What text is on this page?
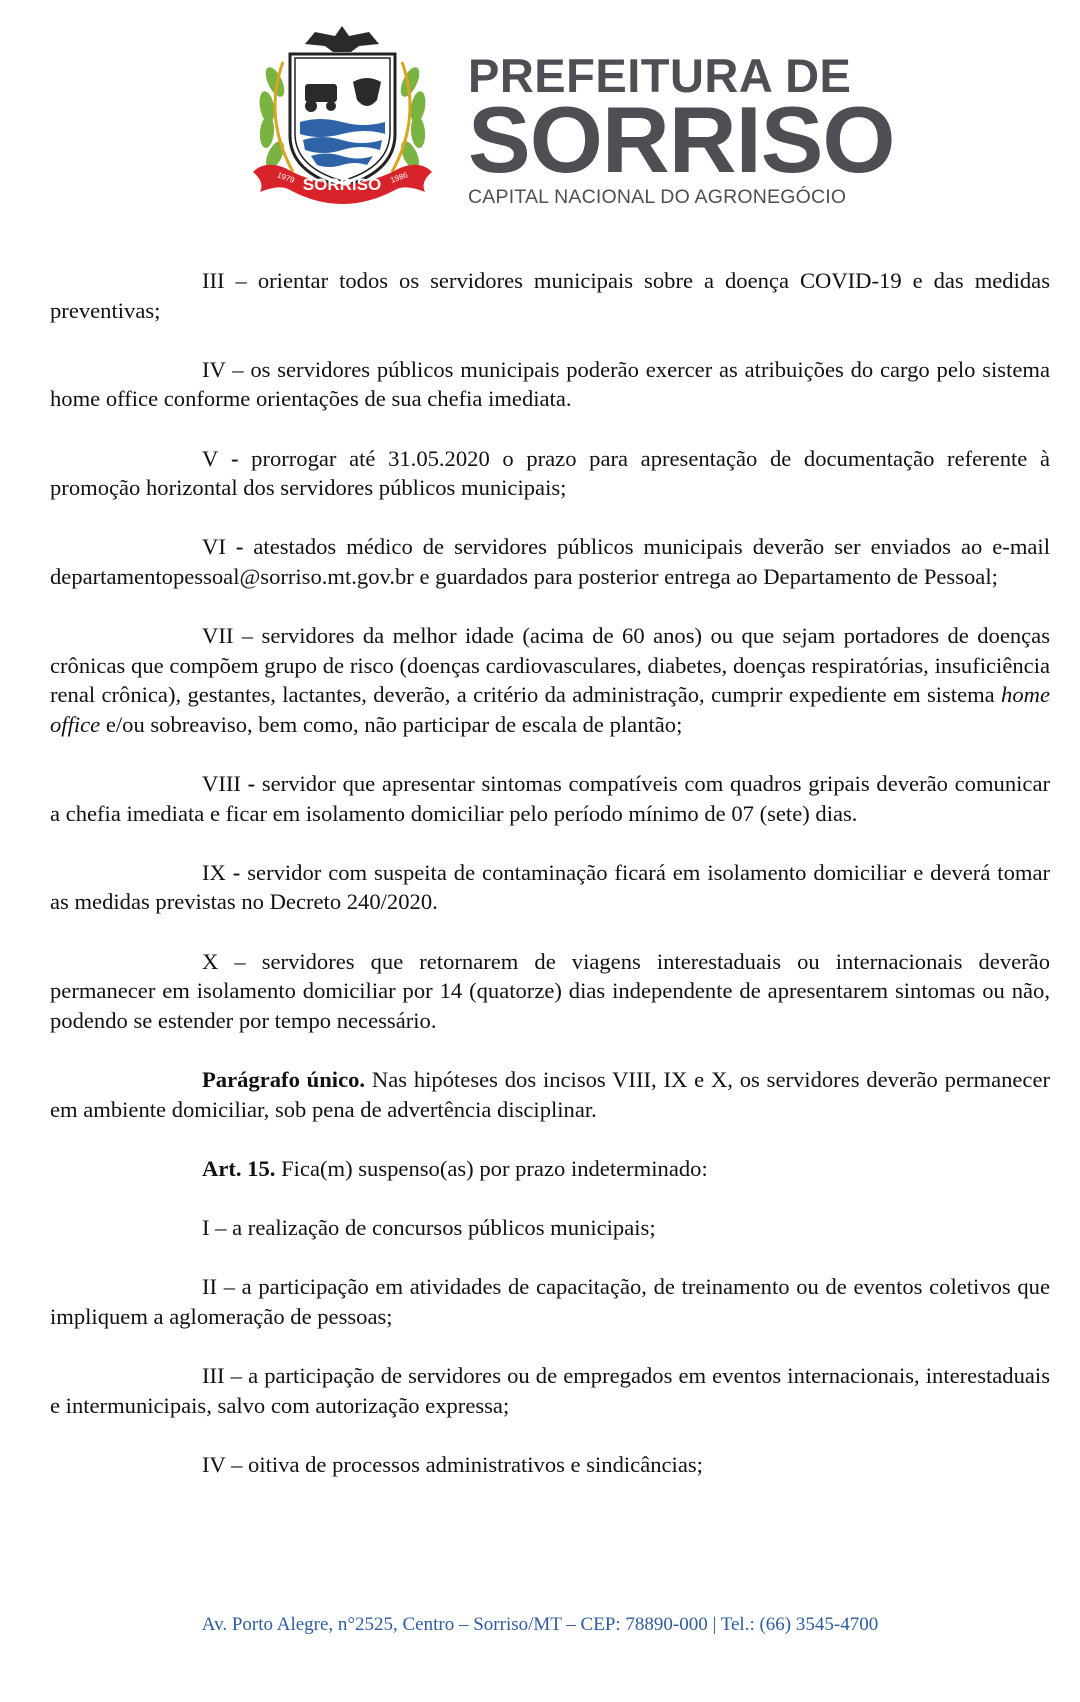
SORRISO
1979	1986
PREFEITURA DE
SORRISO
CAPITAL NACIONAL DO AGRONEGÓCIO

III – orientar todos os servidores municipais sobre a doença COVID-19 e das medidas preventivas;

IV – os servidores públicos municipais poderão exercer as atribuições do cargo pelo sistema home office conforme orientações de sua chefia imediata.

V - prorrogar até 31.05.2020 o prazo para apresentação de documentação referente à promoção horizontal dos servidores públicos municipais;

VI - atestados médico de servidores públicos municipais deverão ser enviados ao e-mail departamentopessoal@sorriso.mt.gov.br e guardados para posterior entrega ao Departamento de Pessoal;

VII – servidores da melhor idade (acima de 60 anos) ou que sejam portadores de doenças crônicas que compõem grupo de risco (doenças cardiovasculares, diabetes, doenças respiratórias, insuficiência renal crônica), gestantes, lactantes, deverão, a critério da administração, cumprir expediente em sistema home office e/ou sobreaviso, bem como, não participar de escala de plantão;

VIII - servidor que apresentar sintomas compatíveis com quadros gripais deverão comunicar a chefia imediata e ficar em isolamento domiciliar pelo período mínimo de 07 (sete) dias.

IX - servidor com suspeita de contaminação ficará em isolamento domiciliar e deverá tomar as medidas previstas no Decreto 240/2020.

X – servidores que retornarem de viagens interestaduais ou internacionais deverão permanecer em isolamento domiciliar por 14 (quatorze) dias independente de apresentarem sintomas ou não, podendo se estender por tempo necessário.

Parágrafo único. Nas hipóteses dos incisos VIII, IX e X, os servidores deverão permanecer em ambiente domiciliar, sob pena de advertência disciplinar.

Art. 15. Fica(m) suspenso(as) por prazo indeterminado:

I – a realização de concursos públicos municipais;

II – a participação em atividades de capacitação, de treinamento ou de eventos coletivos que impliquem a aglomeração de pessoas;

III – a participação de servidores ou de empregados em eventos internacionais, interestaduais e intermunicipais, salvo com autorização expressa;

IV – oitiva de processos administrativos e sindicâncias;

Av. Porto Alegre, n°2525, Centro – Sorriso/MT – CEP: 78890-000 | Tel.: (66) 3545-4700
